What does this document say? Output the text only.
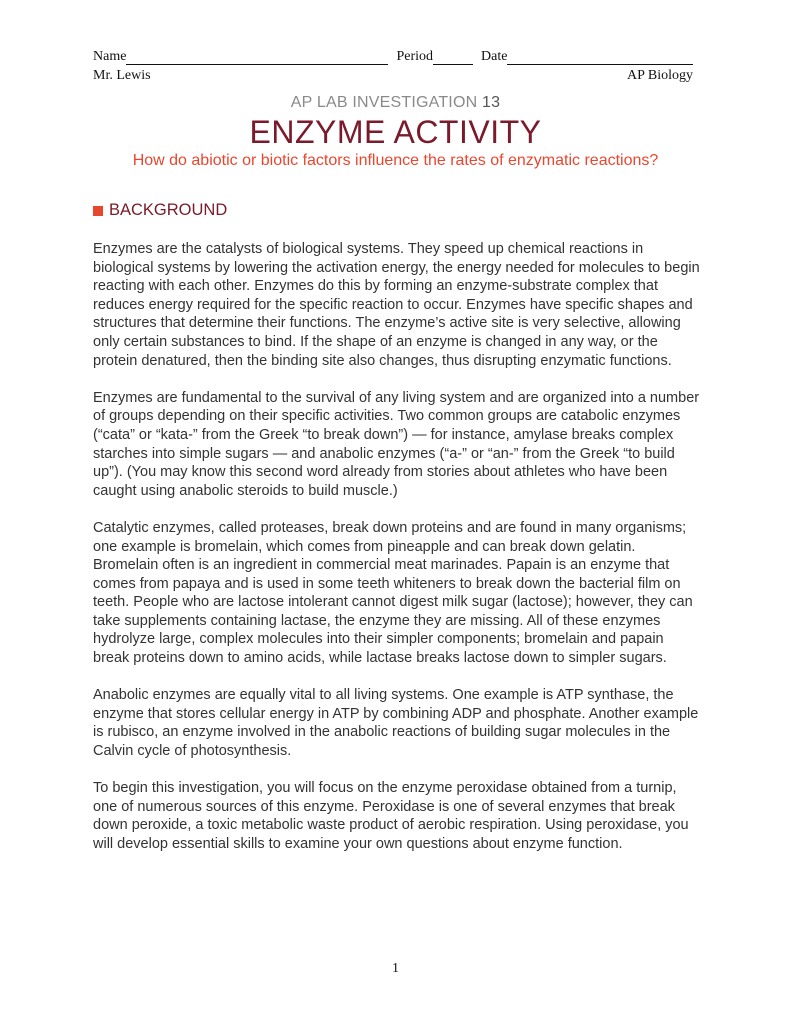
Name	Period	Date
Mr. Lewis	AP Biology
AP LAB INVESTIGATION 13
ENZYME ACTIVITY
How do abiotic or biotic factors influence the rates of enzymatic reactions?
BACKGROUND

Enzymes are the catalysts of biological systems. They speed up chemical reactions in biological systems by lowering the activation energy, the energy needed for molecules to begin reacting with each other. Enzymes do this by forming an enzyme-substrate complex that reduces energy required for the specific reaction to occur. Enzymes have specific shapes and structures that determine their functions. The enzyme’s active site is very selective, allowing only certain substances to bind. If the shape of an enzyme is changed in any way, or the protein denatured, then the binding site also changes, thus disrupting enzymatic functions.

Enzymes are fundamental to the survival of any living system and are organized into a number of groups depending on their specific activities. Two common groups are catabolic enzymes (“cata” or “kata-” from the Greek “to break down”) — for instance, amylase breaks complex starches into simple sugars — and anabolic enzymes (“a-” or “an-” from the Greek “to build up”). (You may know this second word already from stories about athletes who have been caught using anabolic steroids to build muscle.)

Catalytic enzymes, called proteases, break down proteins and are found in many organisms; one example is bromelain, which comes from pineapple and can break down gelatin. Bromelain often is an ingredient in commercial meat marinades. Papain is an enzyme that comes from papaya and is used in some teeth whiteners to break down the bacterial film on teeth. People who are lactose intolerant cannot digest milk sugar (lactose); however, they can take supplements containing lactase, the enzyme they are missing. All of these enzymes hydrolyze large, complex molecules into their simpler components; bromelain and papain break proteins down to amino acids, while lactase breaks lactose down to simpler sugars.

Anabolic enzymes are equally vital to all living systems. One example is ATP synthase, the enzyme that stores cellular energy in ATP by combining ADP and phosphate. Another example is rubisco, an enzyme involved in the anabolic reactions of building sugar molecules in the Calvin cycle of photosynthesis.

To begin this investigation, you will focus on the enzyme peroxidase obtained from a turnip, one of numerous sources of this enzyme. Peroxidase is one of several enzymes that break down peroxide, a toxic metabolic waste product of aerobic respiration. Using peroxidase, you will develop essential skills to examine your own questions about enzyme function.

1
